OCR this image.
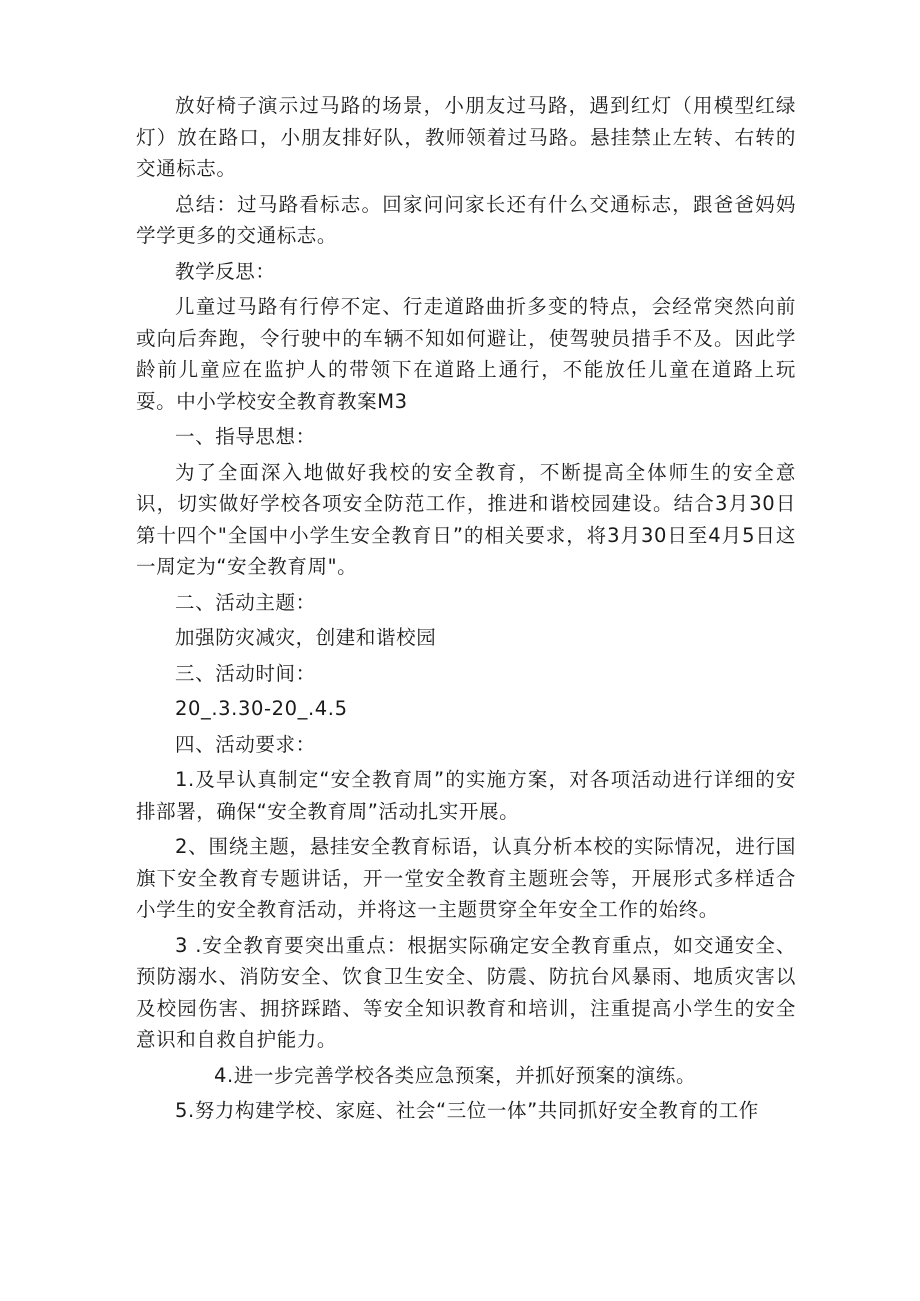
放好椅子演示过马路的场景，小朋友过马路，遇到红灯（用模型红绿灯）放在路口，小朋友排好队，教师领着过马路。悬挂禁止左转、右转的交通标志。

总结：过马路看标志。回家问问家长还有什么交通标志，跟爸爸妈妈学学更多的交通标志。

教学反思：

儿童过马路有行停不定、行走道路曲折多变的特点，会经常突然向前或向后奔跑，令行驶中的车辆不知如何避让，使驾驶员措手不及。因此学龄前儿童应在监护人的带领下在道路上通行，不能放任儿童在道路上玩耍。中小学校安全教育教案M3

一、指导思想：

为了全面深入地做好我校的安全教育，不断提高全体师生的安全意识，切实做好学校各项安全防范工作，推进和谐校园建设。结合3月30日第十四个"全国中小学生安全教育日”的相关要求，将3月30日至4月5日这一周定为“安全教育周"。

二、活动主题：

加强防灾减灾，创建和谐校园

三、活动时间：

20_.3.30-20_.4.5

四、活动要求：

1.及早认真制定“安全教育周”的实施方案，对各项活动进行详细的安排部署，确保“安全教育周”活动扎实开展。

2、围绕主题，悬挂安全教育标语，认真分析本校的实际情况，进行国旗下安全教育专题讲话，开一堂安全教育主题班会等，开展形式多样适合小学生的安全教育活动，并将这一主题贯穿全年安全工作的始终。

3 .安全教育要突出重点：根据实际确定安全教育重点，如交通安全、预防溺水、消防安全、饮食卫生安全、防震、防抗台风暴雨、地质灾害以及校园伤害、拥挤踩踏、等安全知识教育和培训，注重提高小学生的安全意识和自救自护能力。

4.进一步完善学校各类应急预案，并抓好预案的演练。

5.努力构建学校、家庭、社会“三位一体”共同抓好安全教育的工作
